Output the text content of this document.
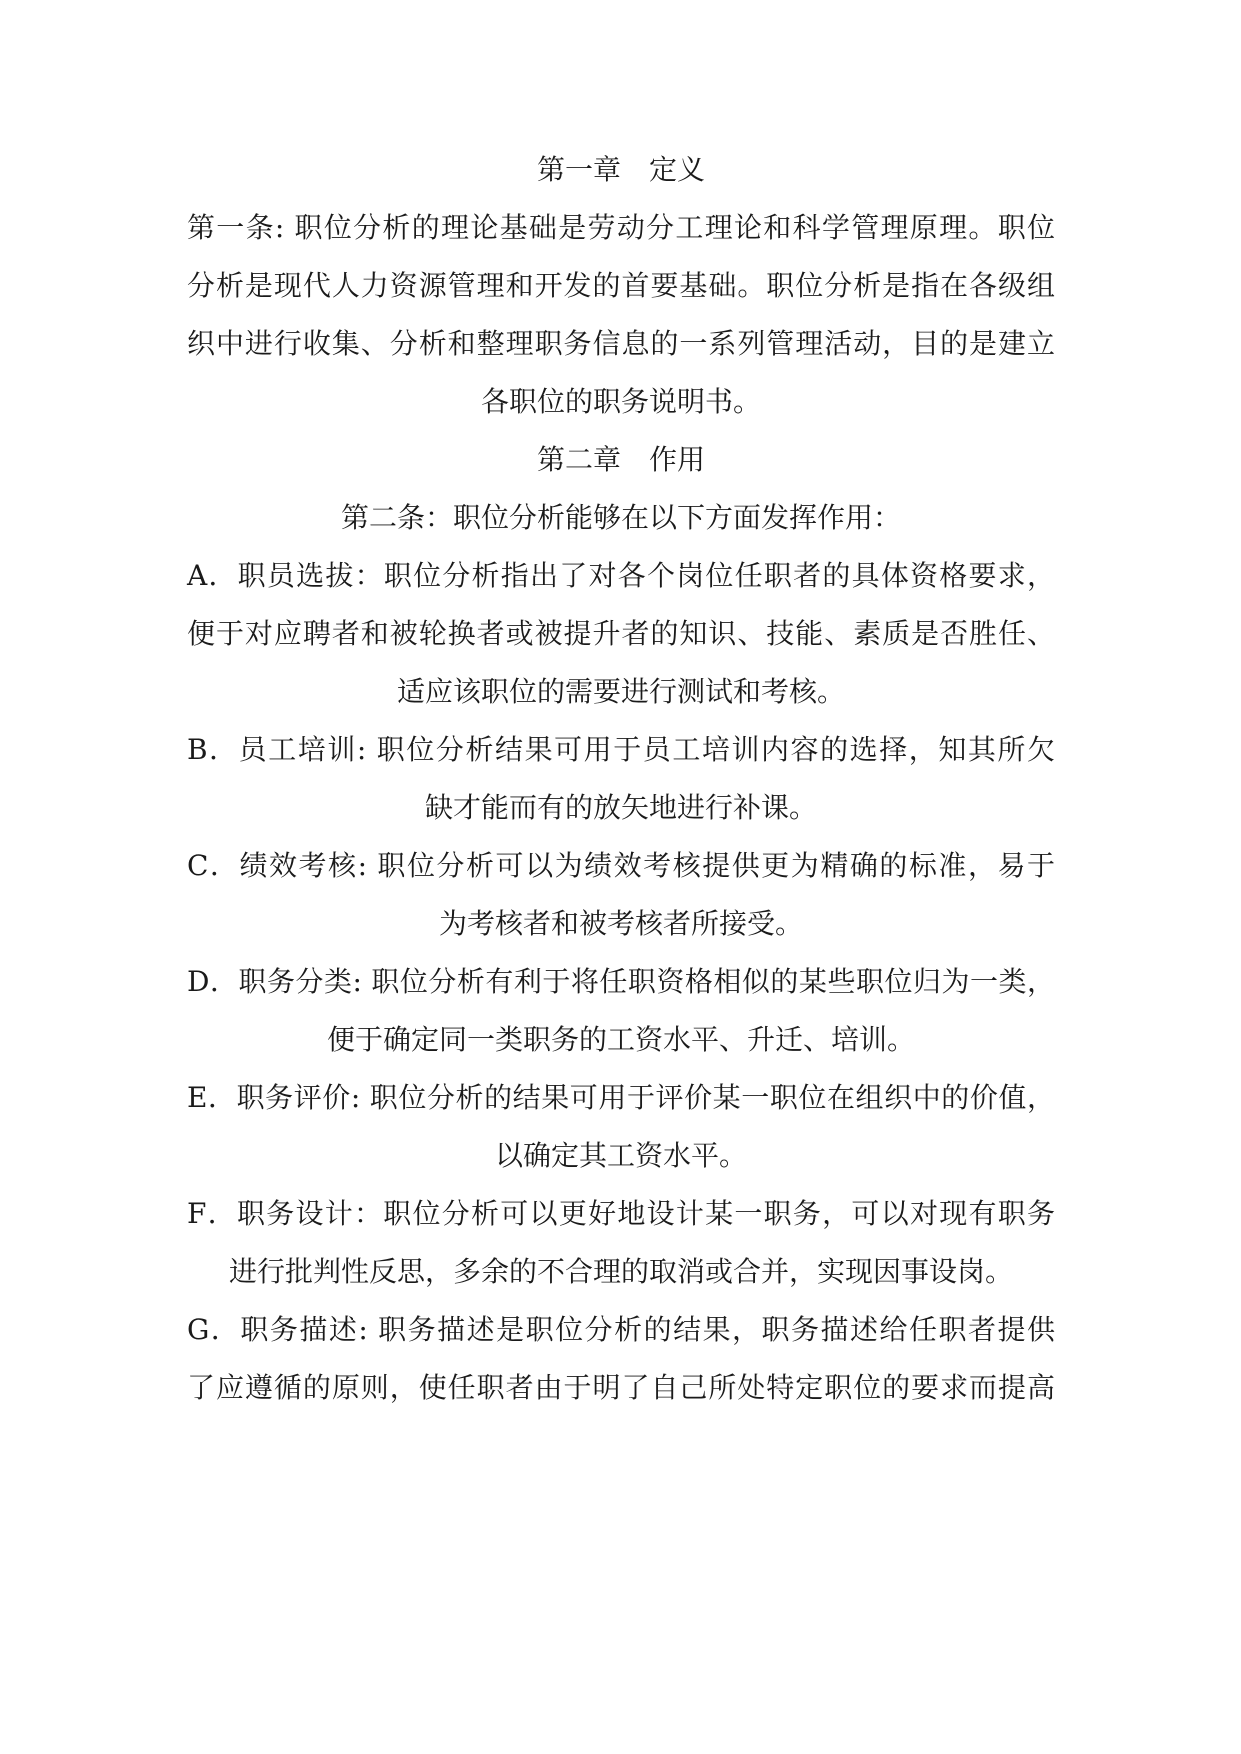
第一章　定义
第一条: 职位分析的理论基础是劳动分工理论和科学管理原理。职位
分析是现代人力资源管理和开发的首要基础。职位分析是指在各级组
织中进行收集、分析和整理职务信息的一系列管理活动，目的是建立
各职位的职务说明书。
第二章　作用
第二条：职位分析能够在以下方面发挥作用：
A．职员选拔：职位分析指出了对各个岗位任职者的具体资格要求，
便于对应聘者和被轮换者或被提升者的知识、技能、素质是否胜任、
适应该职位的需要进行测试和考核。
B．员工培训: 职位分析结果可用于员工培训内容的选择，知其所欠
缺才能而有的放矢地进行补课。
C．绩效考核: 职位分析可以为绩效考核提供更为精确的标准，易于
为考核者和被考核者所接受。
D．职务分类: 职位分析有利于将任职资格相似的某些职位归为一类，
便于确定同一类职务的工资水平、升迁、培训。
E．职务评价: 职位分析的结果可用于评价某一职位在组织中的价值，
以确定其工资水平。
F．职务设计：职位分析可以更好地设计某一职务，可以对现有职务
进行批判性反思，多余的不合理的取消或合并，实现因事设岗。
G．职务描述: 职务描述是职位分析的结果，职务描述给任职者提供
了应遵循的原则，使任职者由于明了自己所处特定职位的要求而提高
